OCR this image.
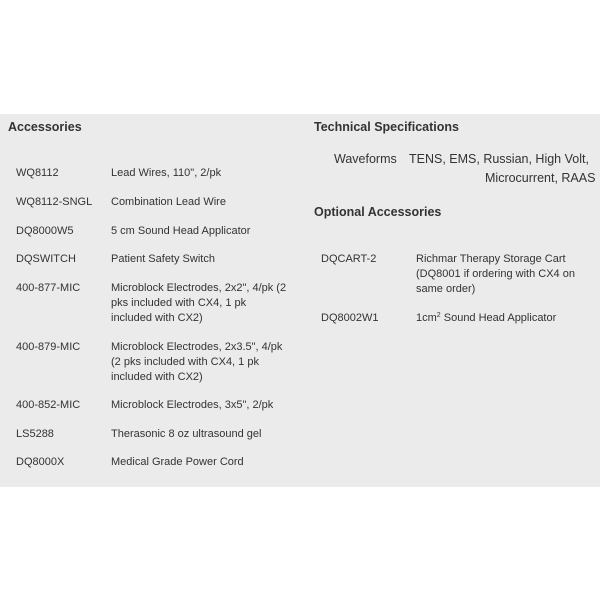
Accessories
WQ8112	Lead Wires, 110", 2/pk
WQ8112-SNGL Combination Lead Wire
DQ8000W5	5 cm Sound Head Applicator
DQSWITCH	Patient Safety Switch
400-877-MIC	Microblock Electrodes, 2x2", 4/pk (2 pks included with CX4, 1 pk included with CX2)
400-879-MIC	Microblock Electrodes, 2x3.5", 4/pk (2 pks included with CX4, 1 pk included with CX2)
400-852-MIC	Microblock Electrodes, 3x5", 2/pk
LS5288	Therasonic 8 oz ultrasound gel
DQ8000X	Medical Grade Power Cord
Technical Specifications
Waveforms TENS, EMS, Russian, High Volt,
Microcurrent, RAAS
Optional Accessories
DQCART-2	Richmar Therapy Storage Cart (DQ8001 if ordering with CX4 on same order)
DQ8002W1	$1cm^2$ Sound Head Applicator
